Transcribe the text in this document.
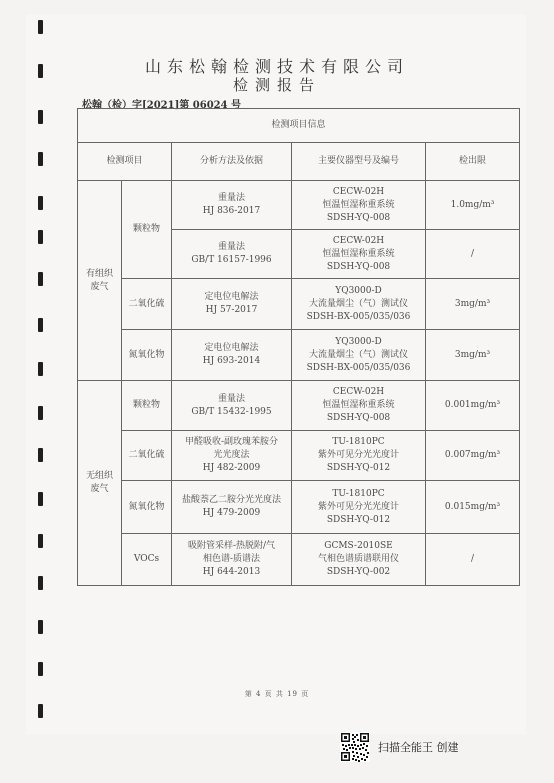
山东松翰检测技术有限公司
检测报告
松翰（检）字[2021]第 06024 号
检测项目信息				
检测项目		分析方法及依据	主要仪器型号及编号	检出限

有组织
废气	颗粒物	重量法
HJ 836-2017	CECW-02H
恒温恒湿称重系统
SDSH-YQ-008	1.0mg/m³

		重量法
GB/T 16157-1996	CECW-02H
恒温恒湿称重系统
SDSH-YQ-008	/
	二氧化硫	定电位电解法
HJ 57-2017	YQ3000-D
大流量烟尘（气）测试仪
SDSH-BX-005/035/036	3mg/m³
	氮氧化物	定电位电解法
HJ 693-2014	YQ3000-D
大流量烟尘（气）测试仪
SDSH-BX-005/035/036	3mg/m³

无组织
废气	颗粒物	重量法
GB/T 15432-1995	CECW-02H
恒温恒湿称重系统
SDSH-YQ-008	0.001mg/m³
	二氧化硫	甲醛吸收-副玫瑰苯胺分
光光度法
HJ 482-2009	TU-1810PC
紫外可见分光光度计
SDSH-YQ-012	0.007mg/m³
	氮氧化物	盐酸萘乙二胺分光光度法
HJ 479-2009	TU-1810PC
紫外可见分光光度计
SDSH-YQ-012	0.015mg/m³
	VOCs	吸附管采样-热脱附/气
相色谱-质谱法
HJ 644-2013	GCMS-2010SE
气相色谱质谱联用仪
SDSH-YQ-002	/
第 4 页 共 19 页
扫描全能王 创建
